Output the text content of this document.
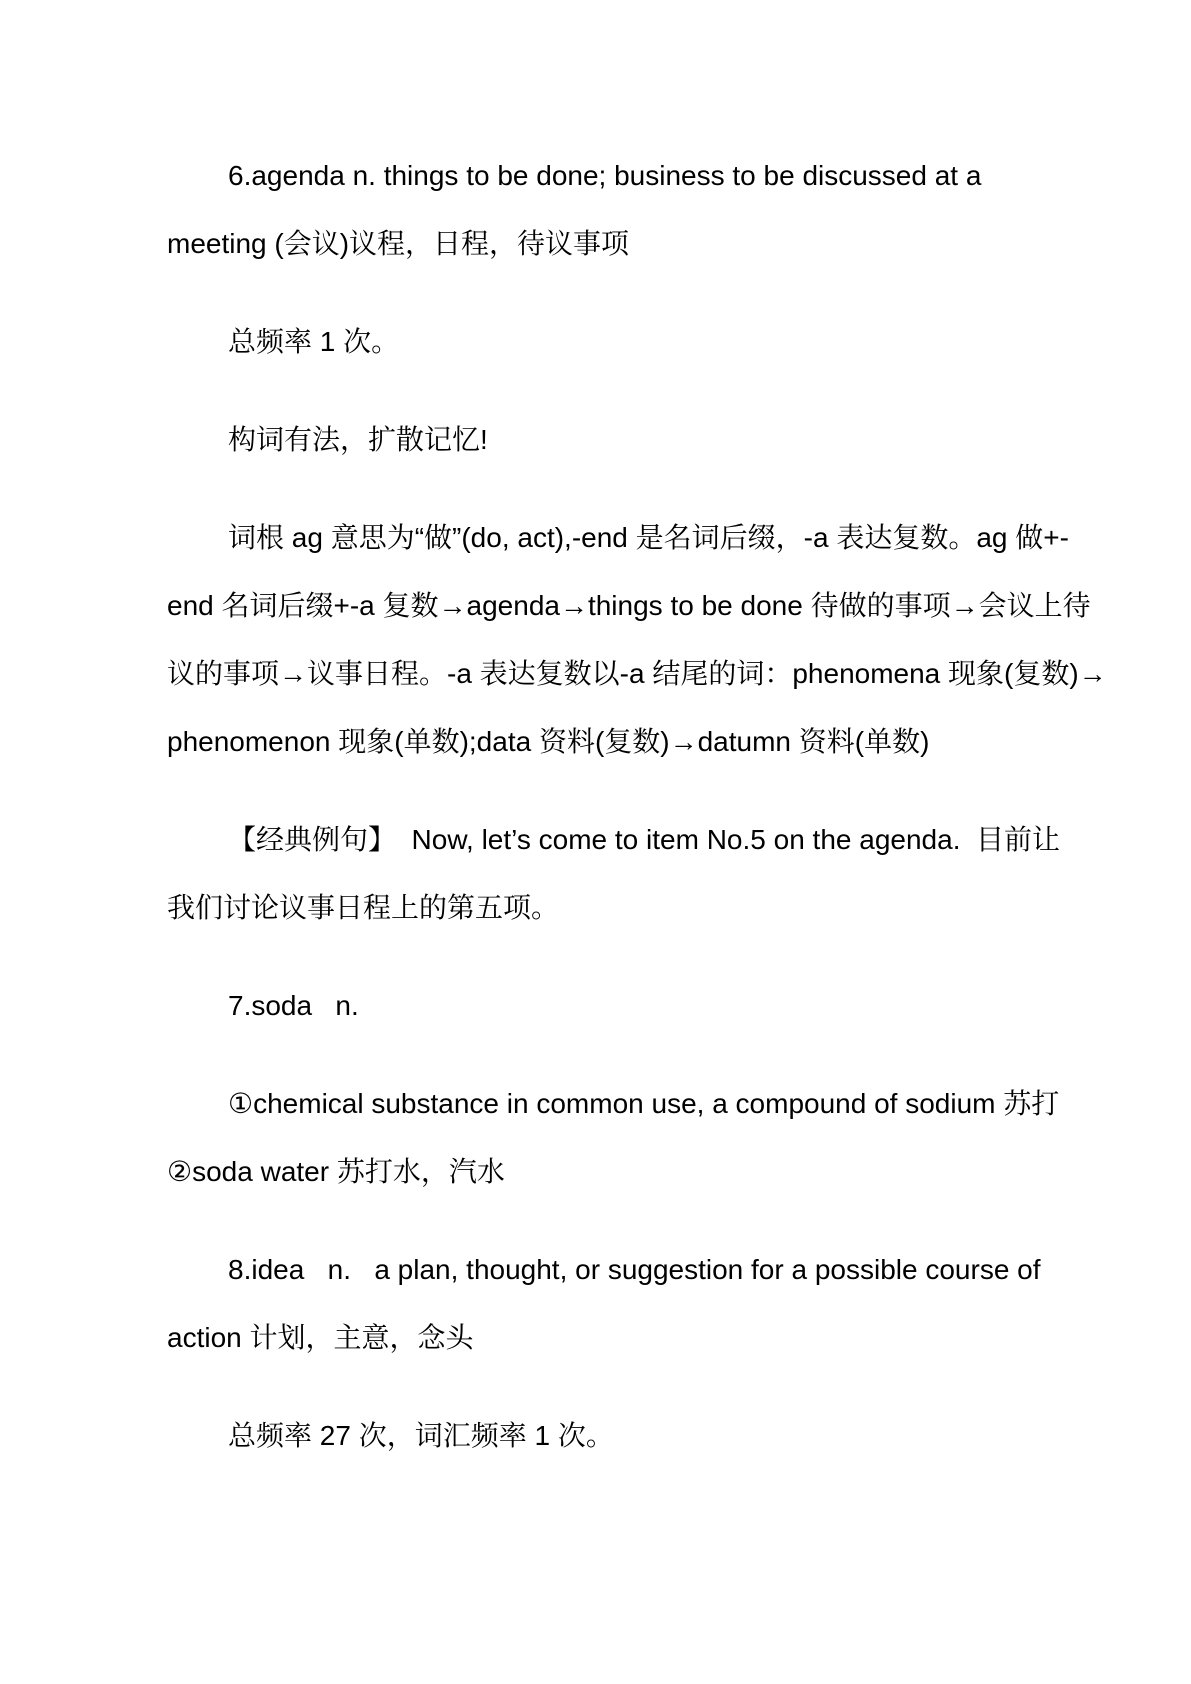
6.agenda n. things to be done; business to be discussed at a
meeting (会议)议程，日程，待议事项

总频率 1 次。

构词有法，扩散记忆!

词根 ag 意思为“做”(do, act),-end 是名词后缀，-a 表达复数。ag 做+-
end 名词后缀+-a 复数→agenda→things to be done 待做的事项→会议上待
议的事项→议事日程。-a 表达复数以-a 结尾的词：phenomena 现象(复数)→
phenomenon 现象(单数);data 资料(复数)→datumn 资料(单数)

【经典例句】  Now, let’s come to item No.5 on the agenda.  目前让
我们讨论议事日程上的第五项。

7.soda   n.

①chemical substance in common use, a compound of sodium 苏打
②soda water 苏打水，汽水

8.idea   n.   a plan, thought, or suggestion for a possible course of
action 计划，主意，念头

总频率 27 次，词汇频率 1 次。
